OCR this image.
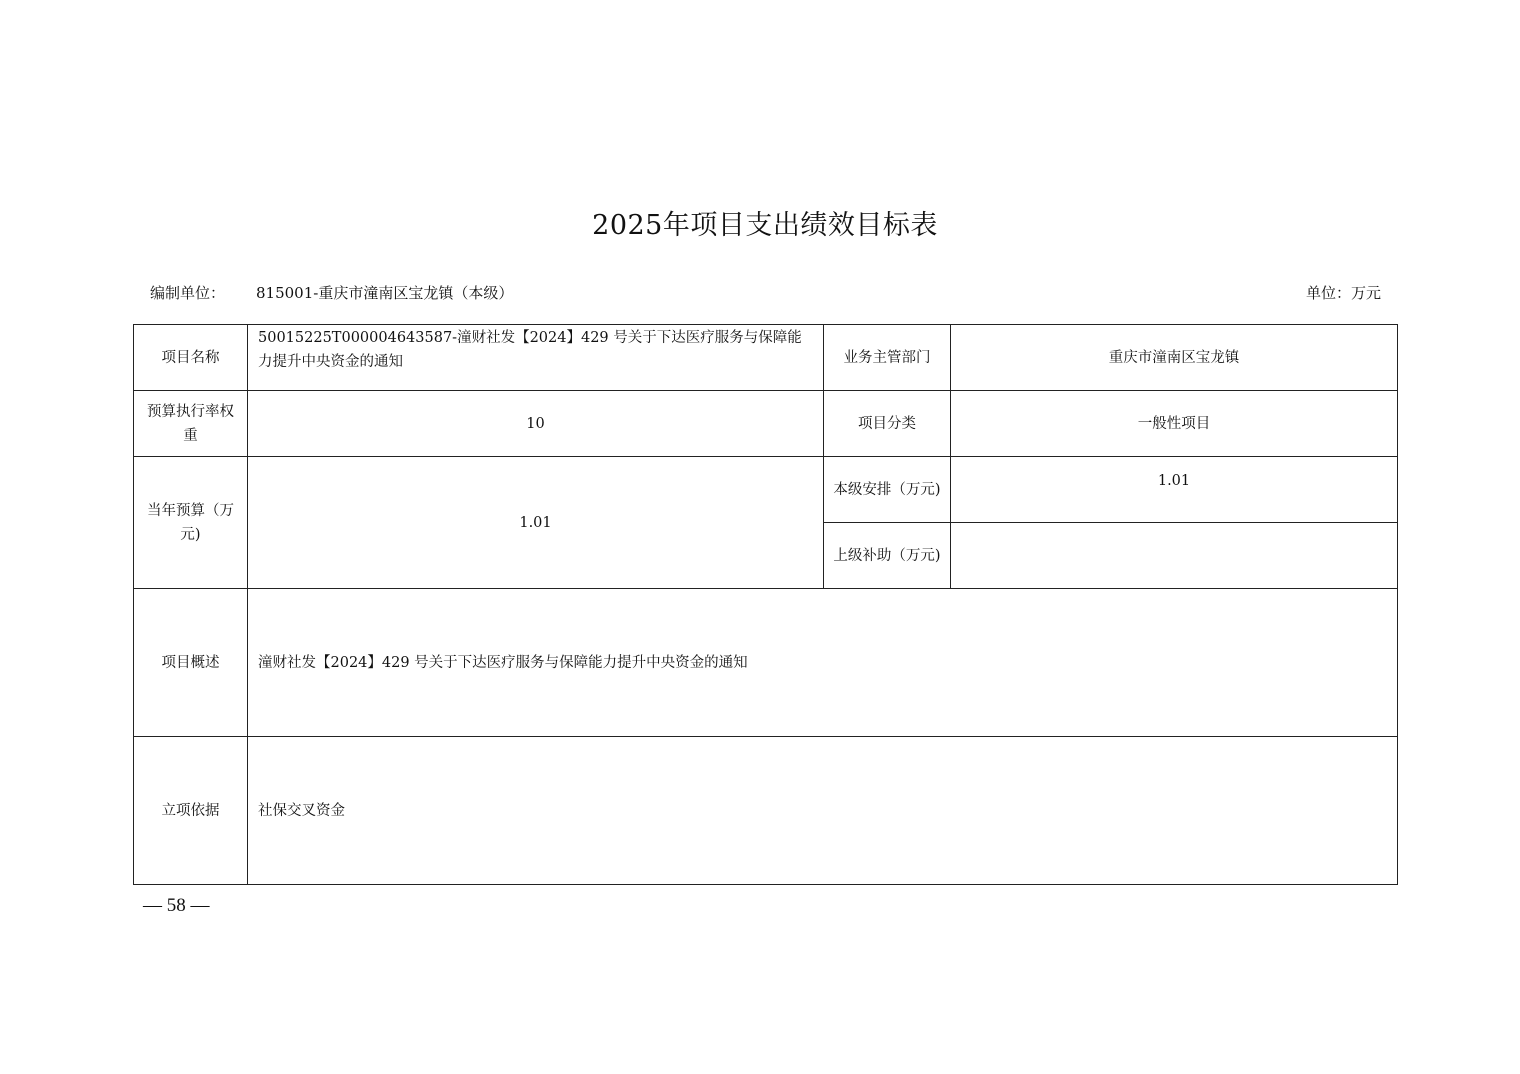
2025年项目支出绩效目标表
编制单位： 815001-重庆市潼南区宝龙镇（本级）	单位：万元
项目名称	50015225T000004643587-潼财社发【2024】429 号关于下达医疗服务与保障能力提升中央资金的通知	业务主管部门	重庆市潼南区宝龙镇
预算执行率权重	10	项目分类	一般性项目
当年预算（万元)	1.01	本级安排（万元)	1.01
		上级补助（万元)	
项目概述	潼财社发【2024】429 号关于下达医疗服务与保障能力提升中央资金的通知		
立项依据	社保交叉资金		
— 58 —
